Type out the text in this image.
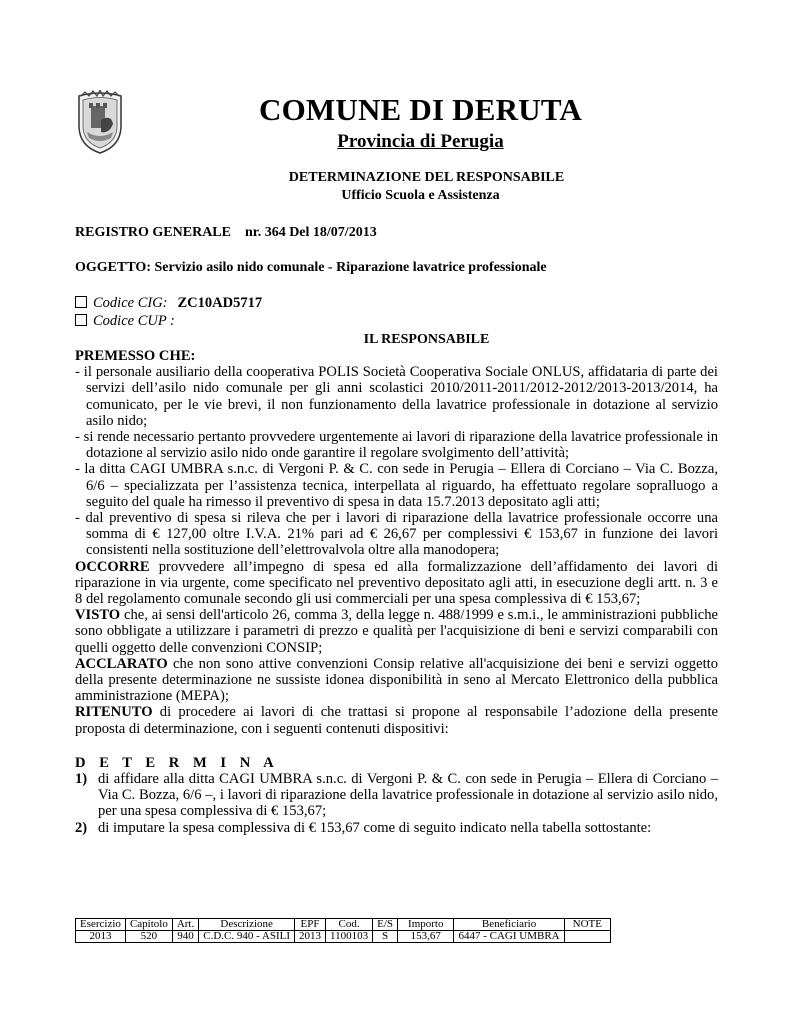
COMUNE DI DERUTA
Provincia di Perugia
DETERMINAZIONE DEL RESPONSABILE
Ufficio Scuola e Assistenza
REGISTRO GENERALE    nr. 364 Del 18/07/2013
OGGETTO: Servizio asilo nido comunale - Riparazione lavatrice professionale
Codice CIG: ZC10AD5717
Codice CUP :
IL RESPONSABILE

PREMESSO CHE:

- il personale ausiliario della cooperativa POLIS Società Cooperativa Sociale ONLUS, affidataria di parte dei servizi dell’asilo nido comunale per gli anni scolastici 2010/2011-2011/2012-2012/2013-2013/2014, ha comunicato, per le vie brevi, il non funzionamento della lavatrice professionale in dotazione al servizio asilo nido;

- si rende necessario pertanto provvedere urgentemente ai lavori di riparazione della lavatrice professionale in dotazione al servizio asilo nido onde garantire il regolare svolgimento dell’attività;

- la ditta CAGI UMBRA s.n.c. di Vergoni P. & C. con sede in Perugia – Ellera di Corciano – Via C. Bozza, 6/6 – specializzata per l’assistenza tecnica, interpellata al riguardo, ha effettuato regolare sopralluogo a seguito del quale ha rimesso il preventivo di spesa in data 15.7.2013 depositato agli atti;

- dal preventivo di spesa si rileva che per i lavori di riparazione della lavatrice professionale occorre una somma di € 127,00 oltre I.V.A. 21% pari ad € 26,67 per complessivi € 153,67 in funzione dei lavori consistenti nella sostituzione dell’elettrovalvola oltre alla manodopera;

OCCORRE provvedere all’impegno di spesa ed alla formalizzazione dell’affidamento dei lavori di riparazione in via urgente, come specificato nel preventivo depositato agli atti, in esecuzione degli artt. n. 3 e 8 del regolamento comunale secondo gli usi commerciali per una spesa complessiva di € 153,67;

VISTO che, ai sensi dell'articolo 26, comma 3, della legge n. 488/1999 e s.m.i., le amministrazioni pubbliche sono obbligate a utilizzare i parametri di prezzo e qualità per l'acquisizione di beni e servizi comparabili con quelli oggetto delle convenzioni CONSIP;

ACCLARATO che non sono attive convenzioni Consip relative all'acquisizione dei beni e servizi oggetto della presente determinazione ne sussiste idonea disponibilità in seno al Mercato Elettronico della pubblica amministrazione (MEPA);

RITENUTO di procedere ai lavori di che trattasi si propone al responsabile l’adozione della presente proposta di determinazione, con i seguenti contenuti dispositivi:

D E T E R M I N A

1) di affidare alla ditta CAGI UMBRA s.n.c. di Vergoni P. & C. con sede in Perugia – Ellera di Corciano – Via C. Bozza, 6/6 –, i lavori di riparazione della lavatrice professionale in dotazione al servizio asilo nido, per una spesa complessiva di € 153,67;

2) di imputare la spesa complessiva di € 153,67 come di seguito indicato nella tabella sottostante:

Esercizio	Capitolo	Art.	Descrizione	EPF	Cod.	E/S	Importo	Beneficiario	NOTE
2013	520	940	C.D.C. 940 - ASILI	2013	1100103	S	153,67	6447 - CAGI UMBRA	
